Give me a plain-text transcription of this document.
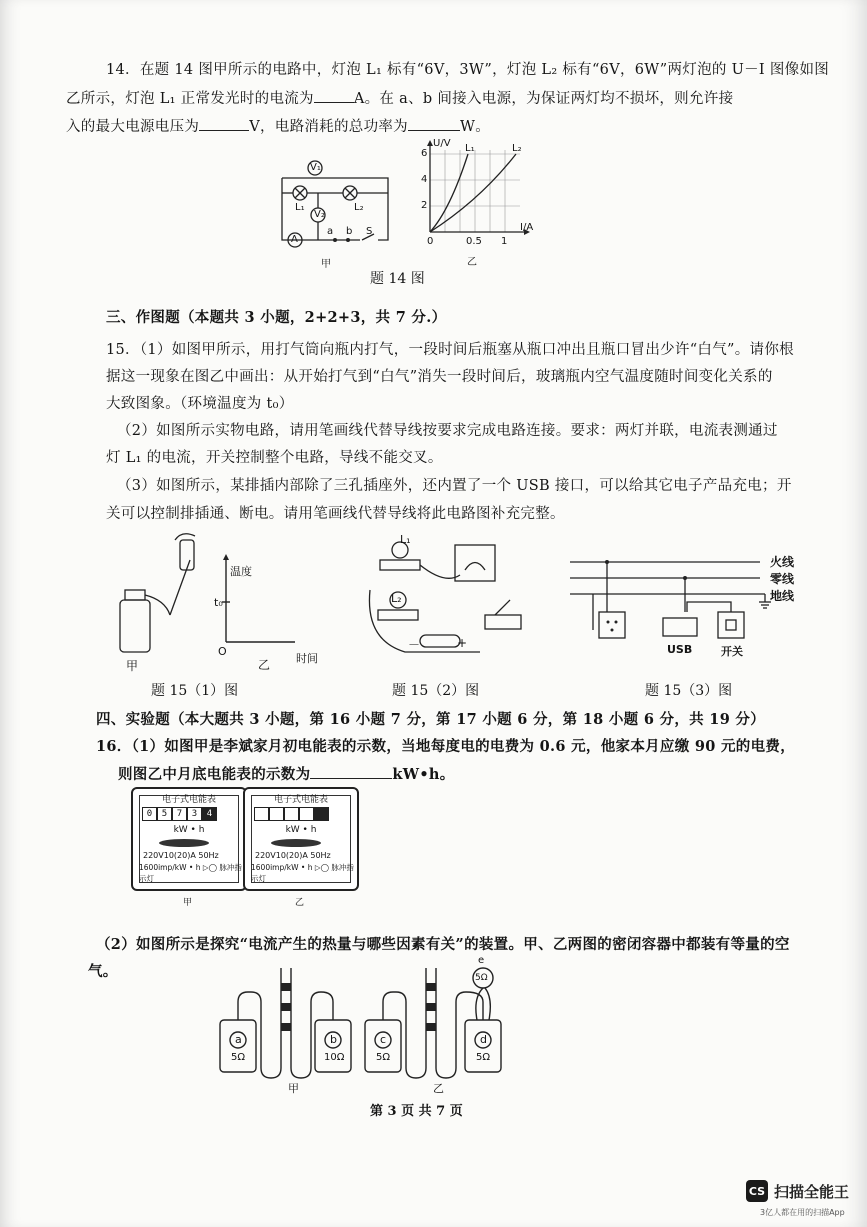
14．在题 14 图甲所示的电路中，灯泡 L₁ 标有“6V，3W”，灯泡 L₂ 标有“6V，6W”两灯泡的 U－I 图像如图
乙所示，灯泡 L₁ 正常发光时的电流为	A。在 a、b 间接入电源，为保证两灯均不损坏，则允许接
入的最大电源电压为	V，电路消耗的总功率为	W。
V₁
V₂
A
L₁	L₂
a b S
甲
U/V
I/A
L₁	L₂
6
4
2
0	0.5 1
乙
题 14 图
三、作图题（本题共 3 小题，2+2+3，共 7 分.）
15．（1）如图甲所示，用打气筒向瓶内打气，一段时间后瓶塞从瓶口冲出且瓶口冒出少许“白气”。请你根
据这一现象在图乙中画出：从开始打气到“白气”消失一段时间后，玻璃瓶内空气温度随时间变化关系的
大致图象。（环境温度为 t₀）
（2）如图所示实物电路，请用笔画线代替导线按要求完成电路连接。要求：两灯并联，电流表测通过
灯 L₁ 的电流，开关控制整个电路，导线不能交叉。
（3）如图所示，某排插内部除了三孔插座外，还内置了一个 USB 接口，可以给其它电子产品充电；开
关可以控制排插通、断电。请用笔画线代替导线将此电路图补充完整。
甲	乙
温度
t₀
O
时间
题 15（1）图
L₁
L₂
－	+
题 15（2）图
火线
零线
地线
USB	开关
题 15（3）图
四、实验题（本大题共 3 小题，第 16 小题 7 分，第 17 小题 6 分，第 18 小题 6 分，共 19 分）
16．（1）如图甲是李斌家月初电能表的示数，当地每度电的电费为 0.6 元，他家本月应缴 90 元的电费，
则图乙中月底电能表的示数为	kW•h。
电子式电能表
0	5	7	3	4
kW • h
220V10(20)A 50Hz
1600imp/kW • h ▷◯ 脉冲指示灯
甲
电子式电能表
kW • h
220V10(20)A 50Hz
1600imp/kW • h ▷◯ 脉冲指示灯
乙
（2）如图所示是探究“电流产生的热量与哪些因素有关”的装置。甲、乙两图的密闭容器中都装有等量的空
气。
a	b	c	d
5Ω	10Ω	5Ω	5Ω
5Ω
e
甲	乙
第 3 页 共 7 页
CS 扫描全能王
3亿人都在用的扫描App
